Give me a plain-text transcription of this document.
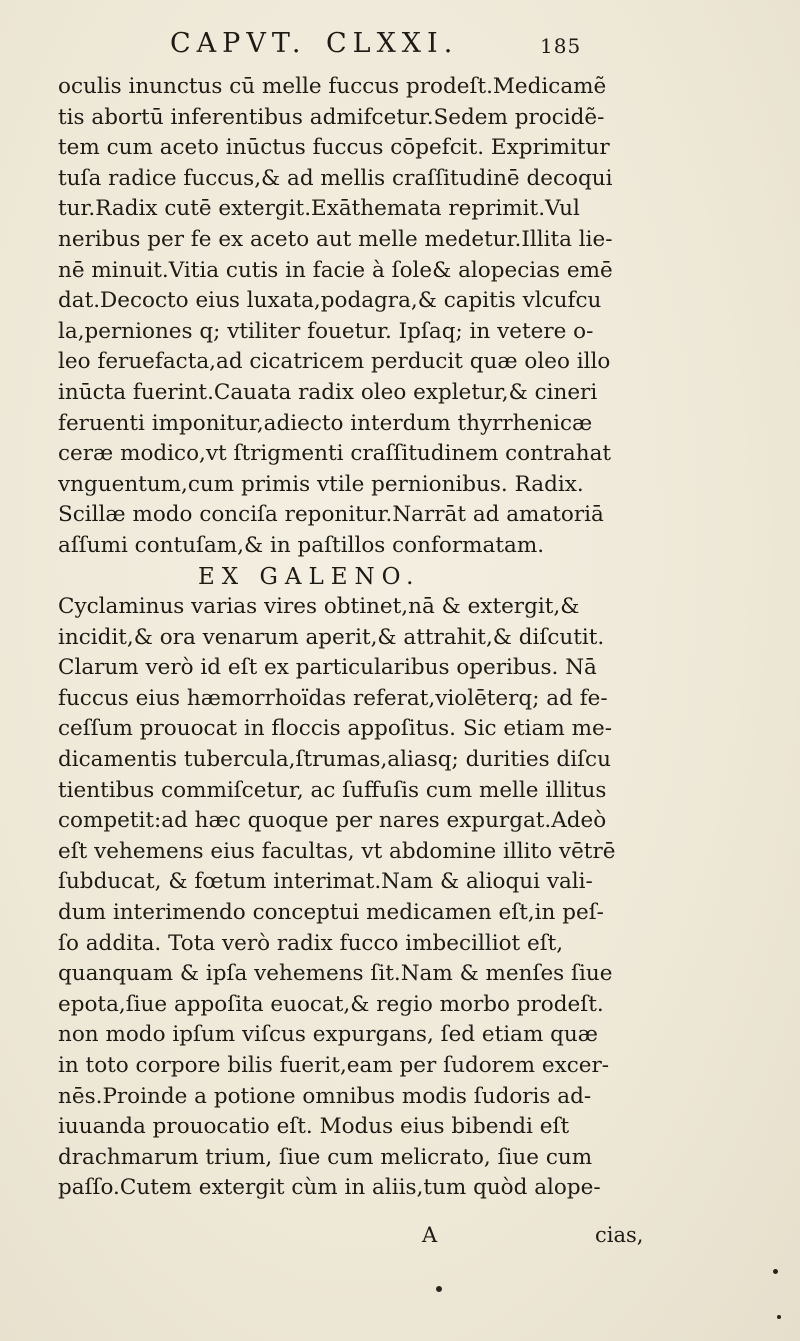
CAPVT. CLXXI.	185
oculis inunctus cū melle fuccus prodeſt.Medicamẽ
tis abortū inferentibus admifcetur.Sedem procidẽ-
tem cum aceto inūctus fuccus cōpefcit. Exprimitur
tuſa radice fuccus,& ad mellis craſſitudinē decoqui
tur.Radix cutē extergit.Exāthemata reprimit.Vul
neribus per fe ex aceto aut melle medetur.Illita lie-
nē minuit.Vitia cutis in facie à ſole& alopecias emē
dat.Decocto eius luxata,podagra,& capitis vlcufcu
la,perniones q; vtiliter fouetur. Ipſaq; in vetere o-
leo feruefacta,ad cicatricem perducit quæ oleo illo
inūcta fuerint.Cauata radix oleo expletur,& cineri
feruenti imponitur,adiecto interdum thyrrhenicæ
ceræ modico,vt ſtrigmenti craſſitudinem contrahat
vnguentum,cum primis vtile pernionibus. Radix.
Scillæ modo conciſa reponitur.Narrāt ad amatoriā
aſſumi contuſam,& in paſtillos conformatam.
EX GALENO.
Cyclaminus varias vires obtinet,nā & extergit,&
incidit,& ora venarum aperit,& attrahit,& diſcutit.
Clarum verò id eſt ex particularibus operibus. Nā
fuccus eius hæmorrhoïdas referat,violēterq; ad fe-
ceſſum prouocat in floccis appoſitus. Sic etiam me-
dicamentis tubercula,ſtrumas,aliasq; durities diſcu
tientibus commiſcetur, ac ſuffuſis cum melle illitus
competit:ad hæc quoque per nares expurgat.Adeò
eſt vehemens eius facultas, vt abdomine illito vētrē
ſubducat, & fœtum interimat.Nam & alioqui vali-
dum interimendo conceptui medicamen eſt,in peſ-
ſo addita. Tota verò radix fucco imbecilliot eſt,
quanquam & ipſa vehemens ſit.Nam & menſes ſiue
epota,ſiue appoſita euocat,& regio morbo prodeſt.
non modo ipſum viſcus expurgans, ſed etiam quæ
in toto corpore bilis fuerit,eam per ſudorem excer-
nēs.Proinde a potione omnibus modis ſudoris ad-
iuuanda prouocatio eſt. Modus eius bibendi eſt
drachmarum trium, ſiue cum melicrato, ſiue cum
paſſo.Cutem extergit cùm in aliis,tum quòd alope-
A	cias,
